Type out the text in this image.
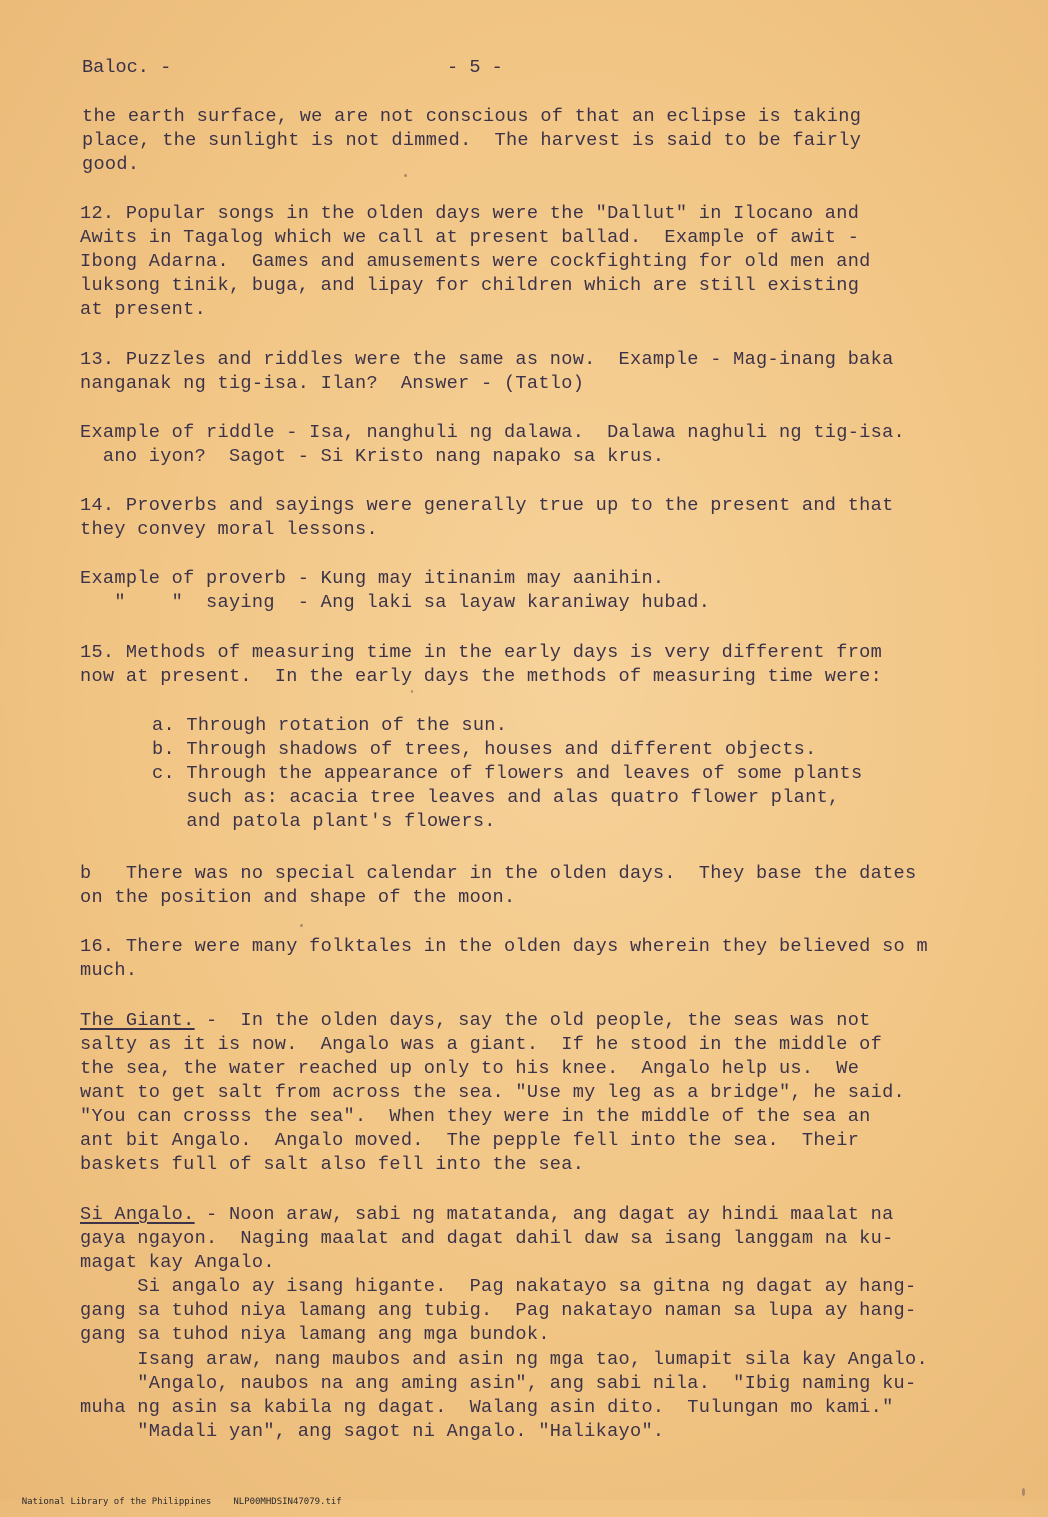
Baloc. -	- 5 -
the earth surface, we are not conscious of that an eclipse is taking
place, the sunlight is not dimmed.  The harvest is said to be fairly
good.
12. Popular songs in the olden days were the "Dallut" in Ilocano and
Awits in Tagalog which we call at present ballad.  Example of awit -
Ibong Adarna.  Games and amusements were cockfighting for old men and
luksong tinik, buga, and lipay for children which are still existing
at present.
13. Puzzles and riddles were the same as now.  Example - Mag-inang baka
nanganak ng tig-isa. Ilan?  Answer - (Tatlo)
Example of riddle - Isa, nanghuli ng dalawa.  Dalawa naghuli ng tig-isa.
ano iyon?  Sagot - Si Kristo nang napako sa krus.
14. Proverbs and sayings were generally true up to the present and that
they convey moral lessons.
Example of proverb - Kung may itinanim may aanihin.
"    "  saying  - Ang laki sa layaw karaniway hubad.
15. Methods of measuring time in the early days is very different from
now at present.  In the early days the methods of measuring time were:
a. Through rotation of the sun.
b. Through shadows of trees, houses and different objects.
c. Through the appearance of flowers and leaves of some plants
such as: acacia tree leaves and alas quatro flower plant,
and patola plant's flowers.
b   There was no special calendar in the olden days.  They base the dates
on the position and shape of the moon.
16. There were many folktales in the olden days wherein they believed so m
much.
The Giant. -  In the olden days, say the old people, the seas was not
salty as it is now.  Angalo was a giant.  If he stood in the middle of
the sea, the water reached up only to his knee.  Angalo help us.  We
want to get salt from across the sea. "Use my leg as a bridge", he said.
"You can crosss the sea".  When they were in the middle of the sea an
ant bit Angalo.  Angalo moved.  The pepple fell into the sea.  Their
baskets full of salt also fell into the sea.
Si Angalo. - Noon araw, sabi ng matatanda, ang dagat ay hindi maalat na
gaya ngayon.  Naging maalat and dagat dahil daw sa isang langgam na ku-
magat kay Angalo.
Si angalo ay isang higante.  Pag nakatayo sa gitna ng dagat ay hang-
gang sa tuhod niya lamang ang tubig.  Pag nakatayo naman sa lupa ay hang-
gang sa tuhod niya lamang ang mga bundok.
Isang araw, nang maubos and asin ng mga tao, lumapit sila kay Angalo.
"Angalo, naubos na ang aming asin", ang sabi nila.  "Ibig naming ku-
muha ng asin sa kabila ng dagat.  Walang asin dito.  Tulungan mo kami."
"Madali yan", ang sagot ni Angalo. "Halikayo".

National Library of the Philippines NLP00MHDSIN47079.tif
